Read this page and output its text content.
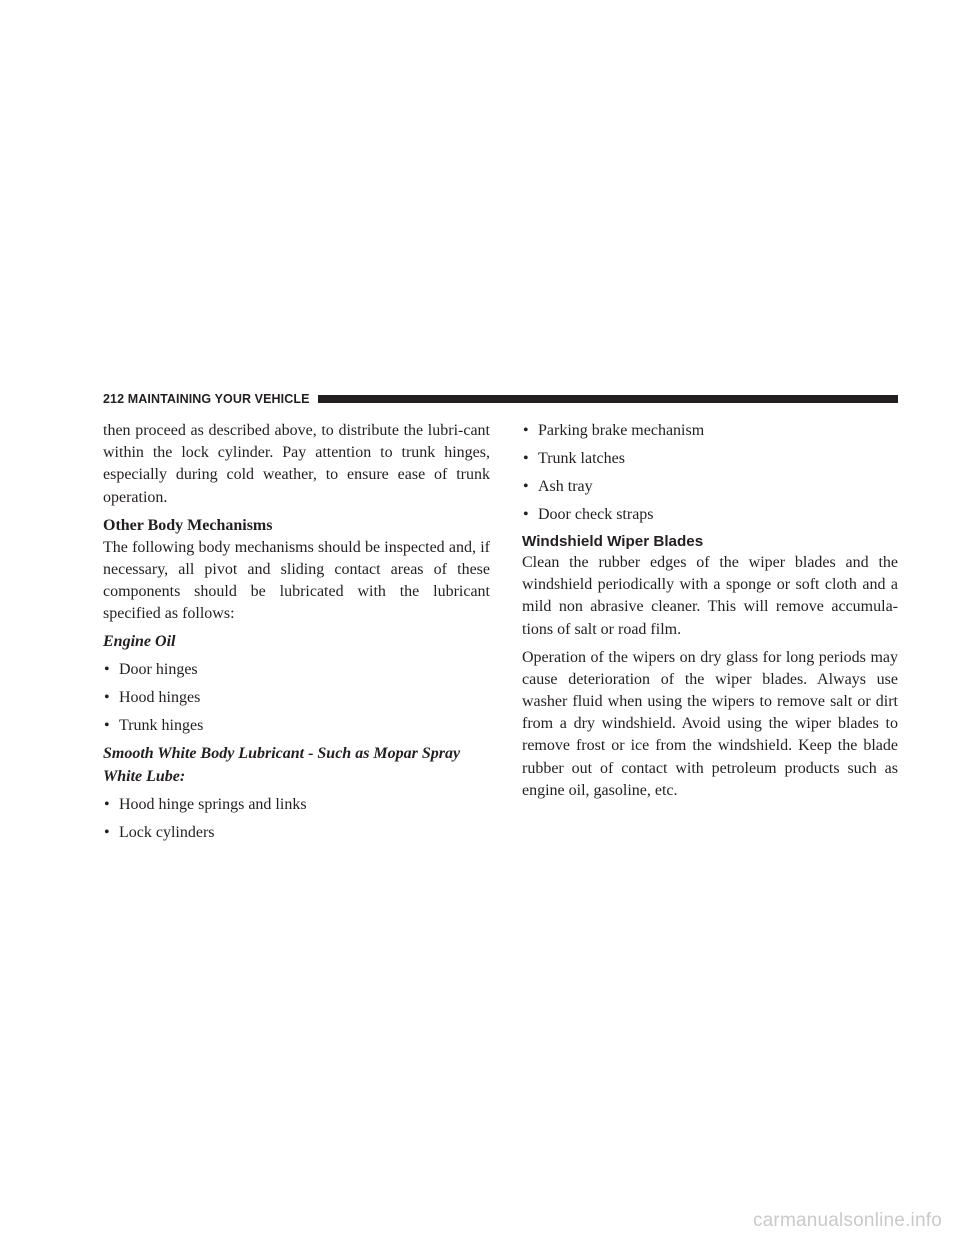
212 MAINTAINING YOUR VEHICLE

then proceed as described above, to distribute the lubri-cant within the lock cylinder. Pay attention to trunk hinges, especially during cold weather, to ensure ease of trunk operation.

Other Body Mechanisms

The following body mechanisms should be inspected and, if necessary, all pivot and sliding contact areas of these components should be lubricated with the lubricant specified as follows:

Engine Oil

• Door hinges
• Hood hinges
• Trunk hinges

Smooth White Body Lubricant - Such as Mopar Spray White Lube:

• Hood hinge springs and links
• Lock cylinders
• Parking brake mechanism
• Trunk latches
• Ash tray
• Door check straps

Windshield Wiper Blades

Clean the rubber edges of the wiper blades and the windshield periodically with a sponge or soft cloth and a mild non abrasive cleaner. This will remove accumula-tions of salt or road film.

Operation of the wipers on dry glass for long periods may cause deterioration of the wiper blades. Always use washer fluid when using the wipers to remove salt or dirt from a dry windshield. Avoid using the wiper blades to remove frost or ice from the windshield. Keep the blade rubber out of contact with petroleum products such as engine oil, gasoline, etc.

carmanualsonline.info
